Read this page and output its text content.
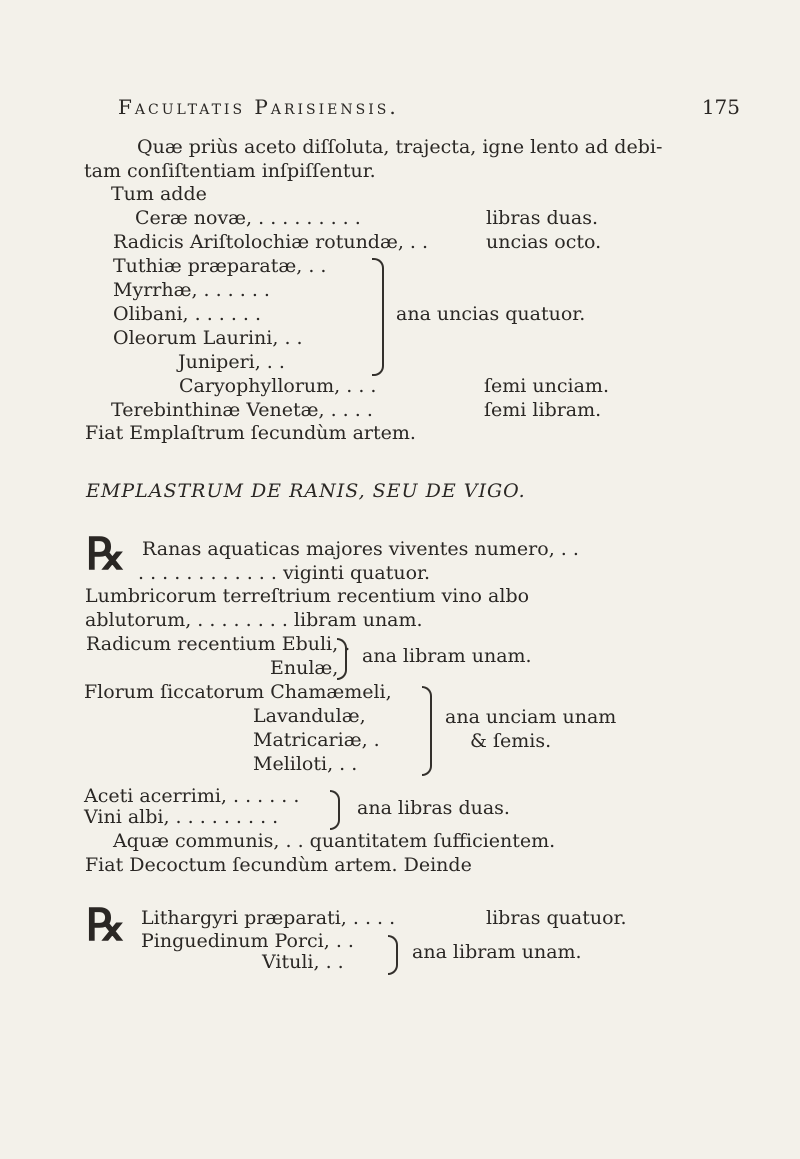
Facultatis Parisiensis.	175
Quæ priùs aceto diſſoluta, trajecta, igne lento ad debi-
tam conſiſtentiam inſpiſſentur.
Tum adde
Ceræ novæ, . . . . . . . . .	libras duas.
Radicis Ariſtolochiæ rotundæ, . .	uncias octo.
Tuthiæ præparatæ, . .
Myrrhæ, . . . . . .
Olibani, . . . . . .
Oleorum Laurini, . .
Juniperi, . .
ana uncias quatuor.
Caryophyllorum, . . .	ſemi unciam.
Terebinthinæ Venetæ, . . . .	ſemi libram.
Fiat Emplaſtrum ſecundùm artem.
EMPLASTRUM DE RANIS, SEU DE VIGO.
℞ Ranas aquaticas majores viventes numero, . .
. . . . . . . . . . . . viginti quatuor.
Lumbricorum terreſtrium recentium vino albo
ablutorum, . . . . . . . . libram unam.
Radicum recentium Ebuli, .
Enulæ,
ana libram unam.
Florum ſiccatorum Chamæmeli,
Lavandulæ,
Matricariæ, .
Meliloti, . .
ana unciam unam
& ſemis.
Aceti acerrimi, . . . . . .
Vini albi, . . . . . . . . .	ana libras duas.
Aquæ communis, . . quantitatem ſufficientem.
Fiat Decoctum ſecundùm artem. Deinde
℞ Lithargyri præparati, . . . .	libras quatuor.
Pinguedinum Porci, . .
Vituli, . .	ana libram unam.
